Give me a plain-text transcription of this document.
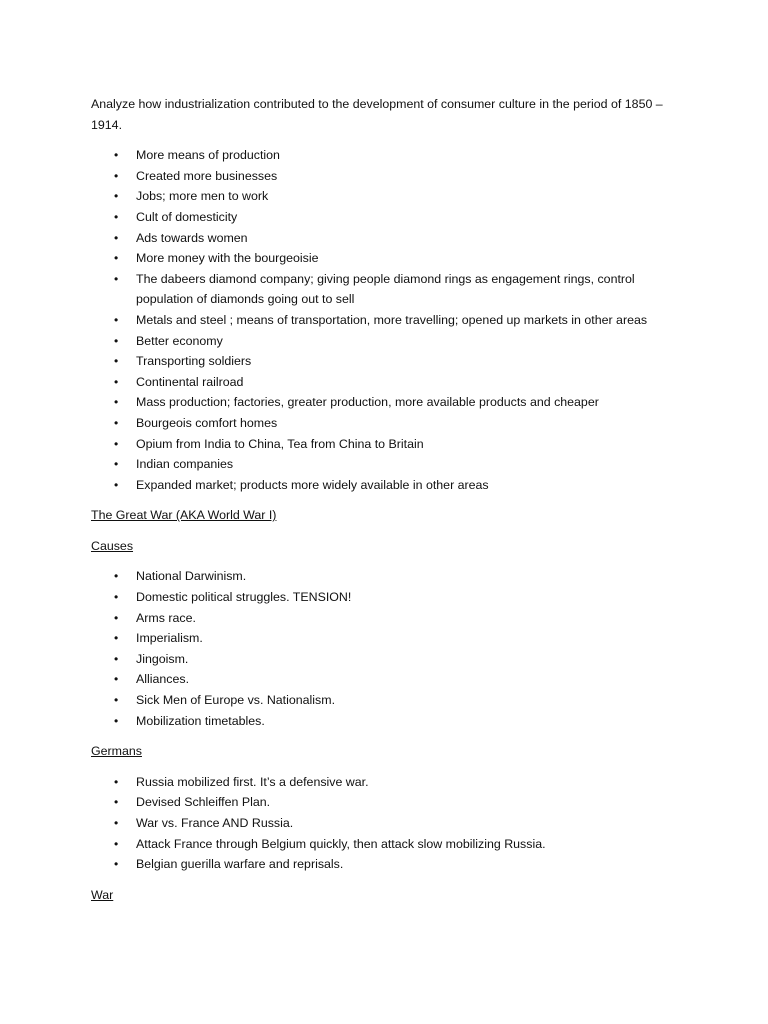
Analyze how industrialization contributed to the development of consumer culture in the period of 1850 – 1914.

• More means of production
• Created more businesses
• Jobs; more men to work
• Cult of domesticity
• Ads towards women
• More money with the bourgeoisie
• The dabeers diamond company; giving people diamond rings as engagement rings, control population of diamonds going out to sell
• Metals and steel ; means of transportation, more travelling; opened up markets in other areas
• Better economy
• Transporting soldiers
• Continental railroad
• Mass production; factories, greater production, more available products and cheaper
• Bourgeois comfort homes
• Opium from India to China, Tea from China to Britain
• Indian companies
• Expanded market; products more widely available in other areas

The Great War (AKA World War I)

Causes

• National Darwinism.
• Domestic political struggles. TENSION!
• Arms race.
• Imperialism.
• Jingoism.
• Alliances.
• Sick Men of Europe vs. Nationalism.
• Mobilization timetables.

Germans

• Russia mobilized first. It’s a defensive war.
• Devised Schleiffen Plan.
• War vs. France AND Russia.
• Attack France through Belgium quickly, then attack slow mobilizing Russia.
• Belgian guerilla warfare and reprisals.

War
